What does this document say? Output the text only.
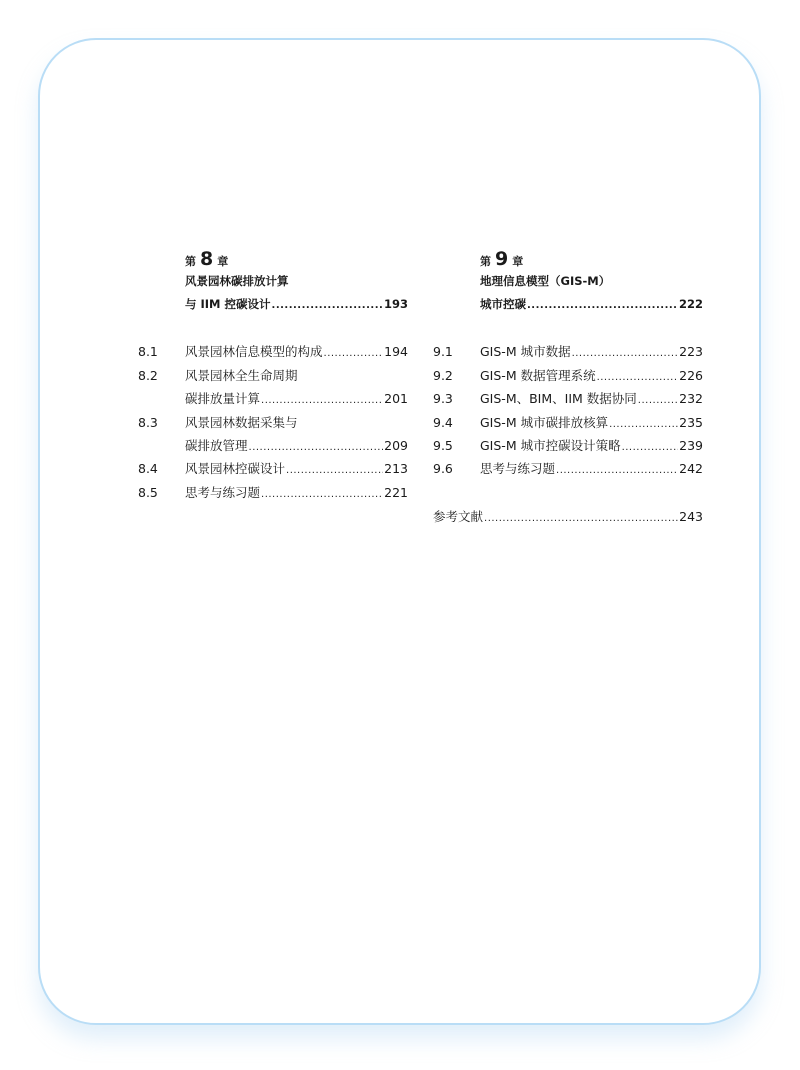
第 8 章
风景园林碳排放计算
与 IIM 控碳设计 .....	193
8.1	风景园林信息模型的构成 .....	194
8.2	风景园林全生命周期
碳排放量计算 .....	201
8.3	风景园林数据采集与
碳排放管理 .....	209
8.4	风景园林控碳设计 .....	213
8.5	思考与练习题 .....	221
第 9 章
地理信息模型（GIS-M）
城市控碳 .....	222
9.1	GIS-M 城市数据 .....	223
9.2	GIS-M 数据管理系统 .....	226
9.3	GIS-M、BIM、IIM 数据协同 .....	232
9.4	GIS-M 城市碳排放核算 .....	235
9.5	GIS-M 城市控碳设计策略 .....	239
9.6	思考与练习题 .....	242
参考文献 .....	243
